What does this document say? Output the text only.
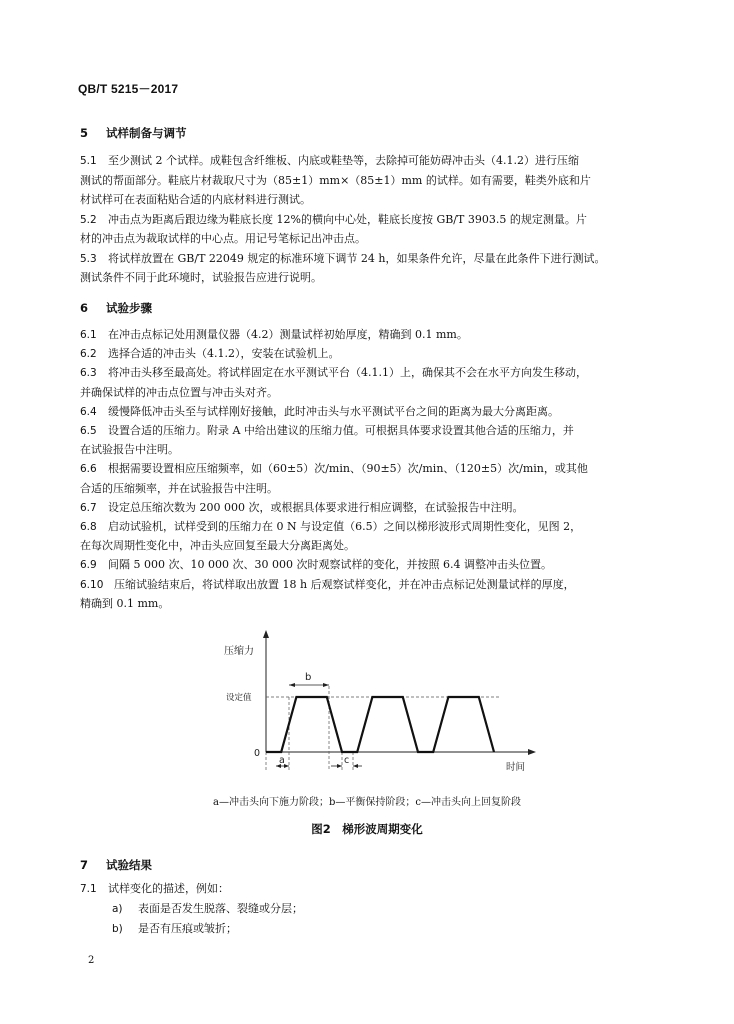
QB/T 5215－2017
5 试样制备与调节
5.1 至少测试 2 个试样。成鞋包含纤维板、内底或鞋垫等，去除掉可能妨碍冲击头（4.1.2）进行压缩
测试的帮面部分。鞋底片材裁取尺寸为（85±1）mm×（85±1）mm 的试样。如有需要，鞋类外底和片
材试样可在表面粘贴合适的内底材料进行测试。
5.2 冲击点为距离后跟边缘为鞋底长度 12%的横向中心处，鞋底长度按 GB/T 3903.5 的规定测量。片
材的冲击点为裁取试样的中心点。用记号笔标记出冲击点。
5.3 将试样放置在 GB/T 22049 规定的标准环境下调节 24 h，如果条件允许，尽量在此条件下进行测试。
测试条件不同于此环境时，试验报告应进行说明。
6 试验步骤
6.1 在冲击点标记处用测量仪器（4.2）测量试样初始厚度，精确到 0.1 mm。
6.2 选择合适的冲击头（4.1.2），安装在试验机上。
6.3 将冲击头移至最高处。将试样固定在水平测试平台（4.1.1）上，确保其不会在水平方向发生移动，
并确保试样的冲击点位置与冲击头对齐。
6.4 缓慢降低冲击头至与试样刚好接触，此时冲击头与水平测试平台之间的距离为最大分离距离。
6.5 设置合适的压缩力。附录 A 中给出建议的压缩力值。可根据具体要求设置其他合适的压缩力，并
在试验报告中注明。
6.6 根据需要设置相应压缩频率，如（60±5）次/min、（90±5）次/min、（120±5）次/min，或其他
合适的压缩频率，并在试验报告中注明。
6.7 设定总压缩次数为 200 000 次，或根据具体要求进行相应调整，在试验报告中注明。
6.8 启动试验机，试样受到的压缩力在 0 N 与设定值（6.5）之间以梯形波形式周期性变化，见图 2，
在每次周期性变化中，冲击头应回复至最大分离距离处。
6.9 间隔 5 000 次、10 000 次、30 000 次时观察试样的变化，并按照 6.4 调整冲击头位置。
6.10 压缩试验结束后，将试样取出放置 18 h 后观察试样变化，并在冲击点标记处测量试样的厚度，
精确到 0.1 mm。
压缩力
时间
设定值
0
b
a	c
a—冲击头向下施力阶段；b—平衡保持阶段；c—冲击头向上回复阶段
图2　梯形波周期变化
7 试验结果
7.1 试样变化的描述，例如：
a) 表面是否发生脱落、裂缝或分层；
b) 是否有压痕或皱折；
2
